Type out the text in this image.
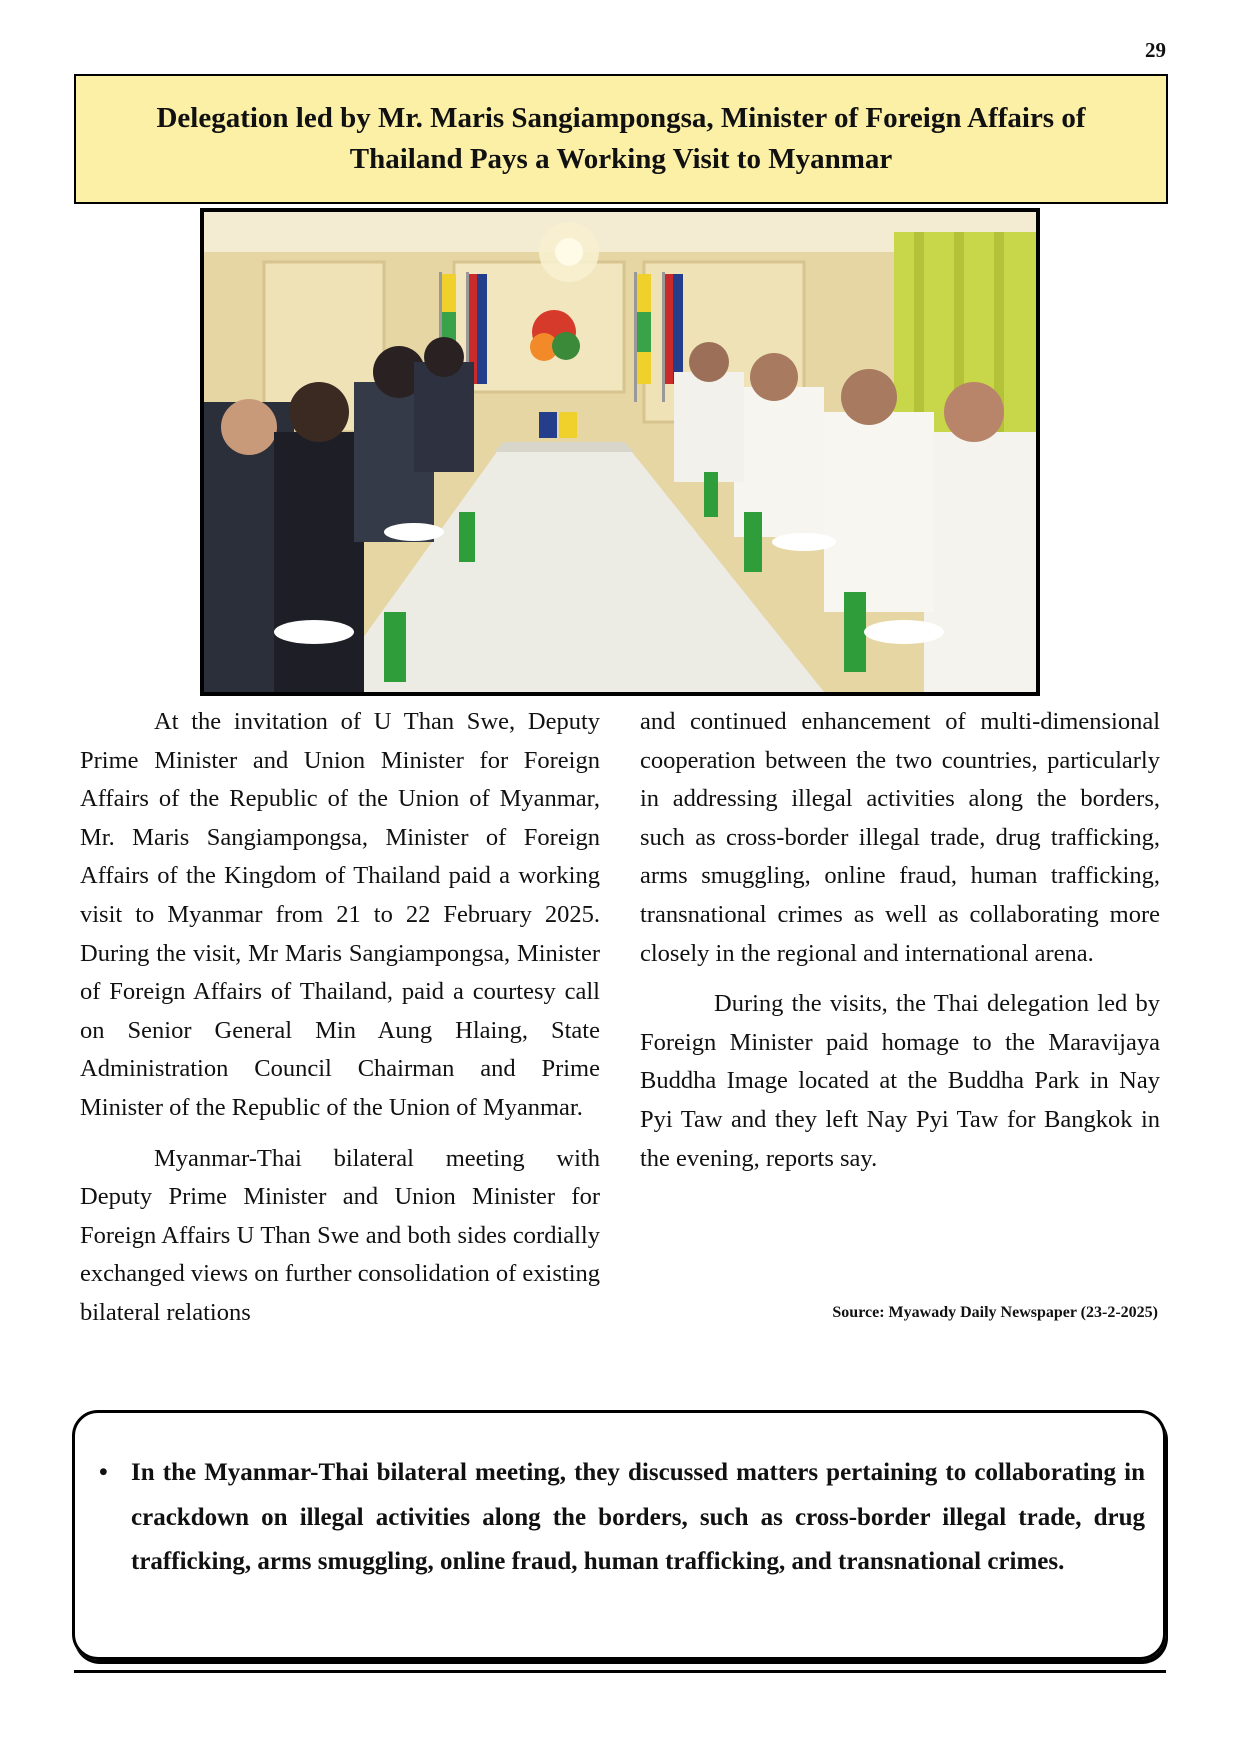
29
Delegation led by Mr. Maris Sangiampongsa, Minister of Foreign Affairs of
Thailand Pays a Working Visit to Myanmar

At the invitation of U Than Swe, Deputy Prime Minister and Union Minister for Foreign Affairs of the Republic of the Union of Myanmar, Mr. Maris Sangiampongsa, Minister of Foreign Affairs of the Kingdom of Thailand paid a working visit to Myanmar from 21 to 22 February 2025. During the visit, Mr Maris Sangiampongsa, Minister of Foreign Affairs of Thailand, paid a courtesy call on Senior General Min Aung Hlaing, State Administration Council Chairman and Prime Minister of the Republic of the Union of Myanmar.

Myanmar-Thai bilateral meeting with Deputy Prime Minister and Union Minister for Foreign Affairs U Than Swe and both sides cordially exchanged views on further consolidation of existing bilateral relations

and continued enhancement of multi-dimensional cooperation between the two countries, particularly in addressing illegal activities along the borders, such as cross-border illegal trade, drug trafficking, arms smuggling, online fraud, human trafficking, transnational crimes as well as collaborating more closely in the regional and international arena.

During the visits, the Thai delegation led by Foreign Minister paid homage to the Maravijaya Buddha Image located at the Buddha Park in Nay Pyi Taw and they left Nay Pyi Taw for Bangkok in the evening, reports say.

Source: Myawady Daily Newspaper (23-2-2025)
• In the Myanmar-Thai bilateral meeting, they discussed matters pertaining to collaborating in crackdown on illegal activities along the borders, such as cross-border illegal trade, drug trafficking, arms smuggling, online fraud, human trafficking, and transnational crimes.
